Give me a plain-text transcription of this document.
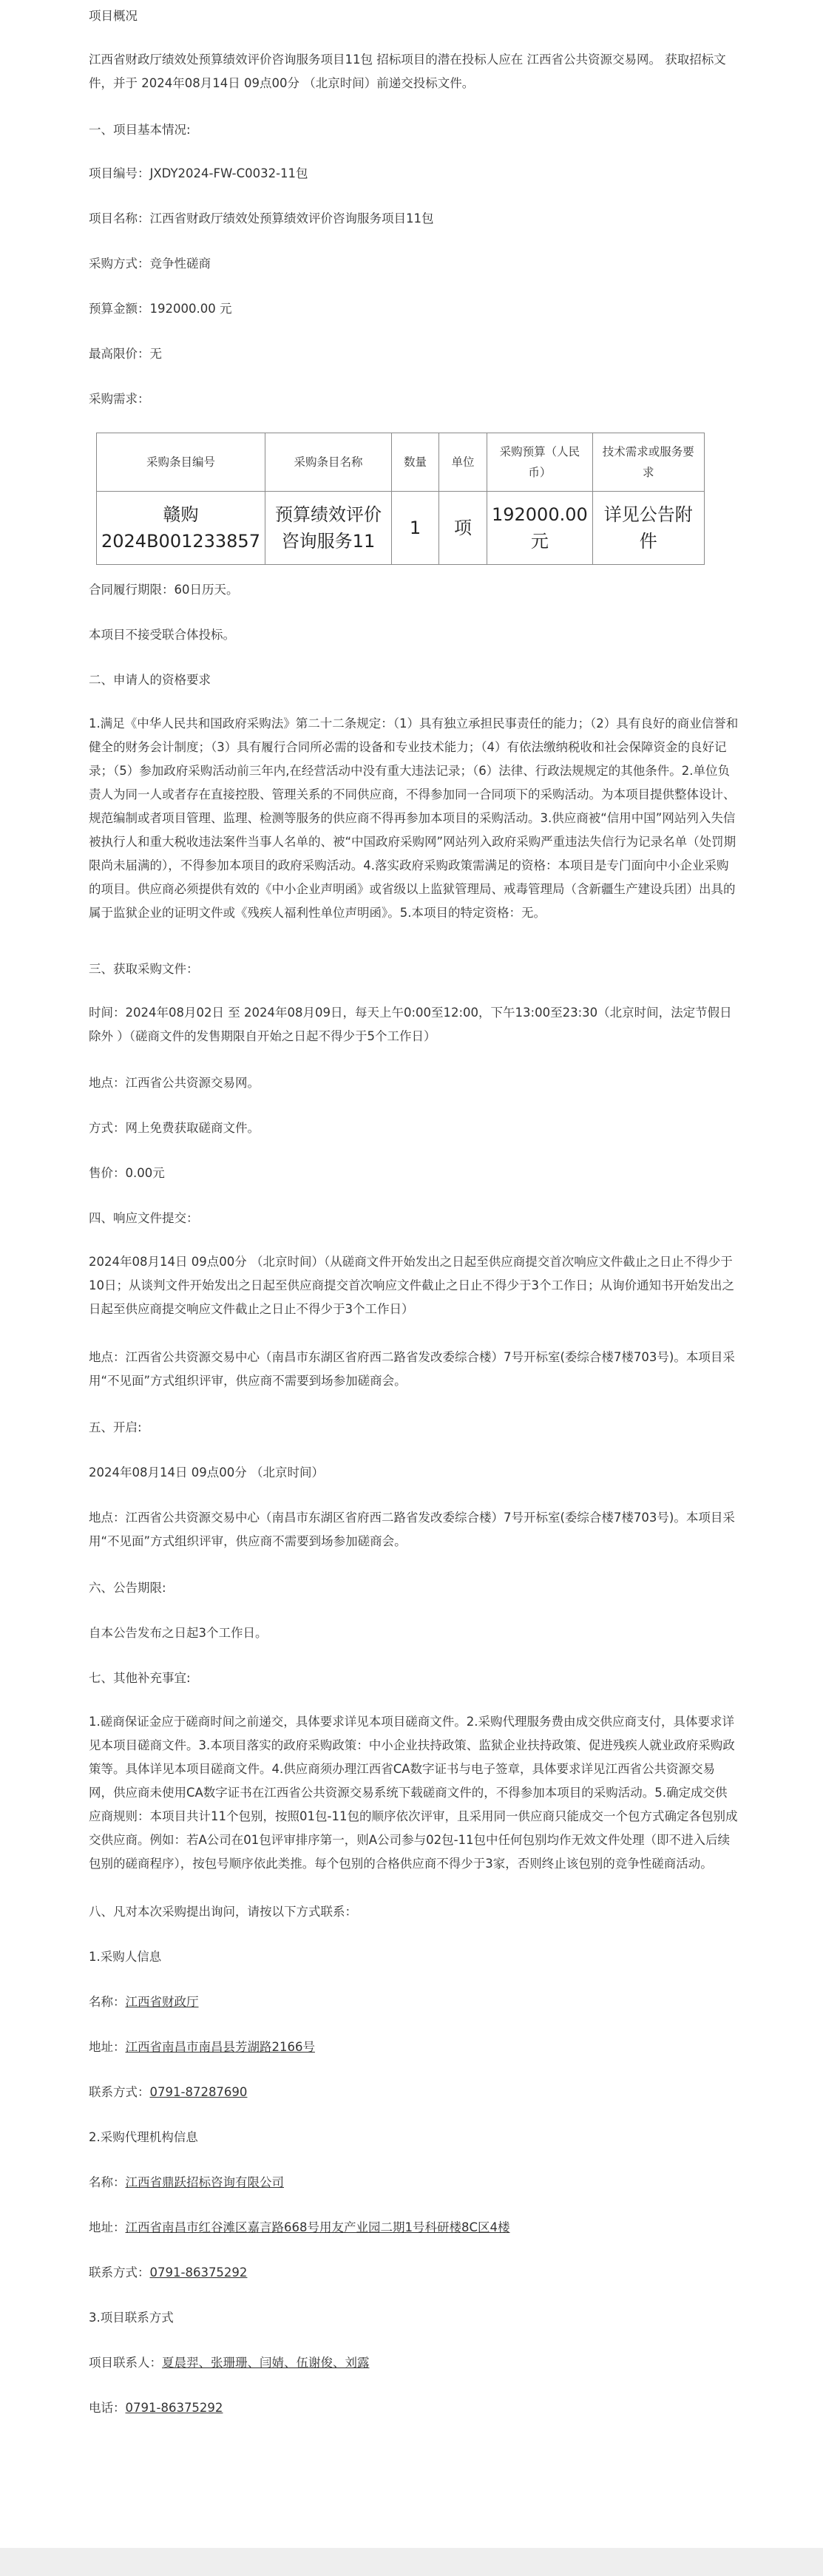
项目概况
江西省财政厅绩效处预算绩效评价咨询服务项目11包 招标项目的潜在投标人应在 江西省公共资源交易网。 获取招标文件，并于 2024年08月14日 09点00分 （北京时间）前递交投标文件。
一、项目基本情况:
项目编号：JXDY2024-FW-C0032-11包
项目名称：江西省财政厅绩效处预算绩效评价咨询服务项目11包
采购方式：竞争性磋商
预算金额：192000.00 元
最高限价：无
采购需求：
采购条目编号	采购条目名称	数量	单位	采购预算（人民币）	技术需求或服务要求
赣购2024B001233857	预算绩效评价咨询服务11	1	项	192000.00元	详见公告附件
合同履行期限：60日历天。
本项目不接受联合体投标。
二、申请人的资格要求
1.满足《中华人民共和国政府采购法》第二十二条规定：（1）具有独立承担民事责任的能力；（2）具有良好的商业信誉和健全的财务会计制度；（3）具有履行合同所必需的设备和专业技术能力；（4）有依法缴纳税收和社会保障资金的良好记录；（5）参加政府采购活动前三年内,在经营活动中没有重大违法记录；（6）法律、行政法规规定的其他条件。2.单位负责人为同一人或者存在直接控股、管理关系的不同供应商，不得参加同一合同项下的采购活动。为本项目提供整体设计、规范编制或者项目管理、监理、检测等服务的供应商不得再参加本项目的采购活动。3.供应商被“信用中国”网站列入失信被执行人和重大税收违法案件当事人名单的、被“中国政府采购网”网站列入政府采购严重违法失信行为记录名单（处罚期限尚未届满的），不得参加本项目的政府采购活动。4.落实政府采购政策需满足的资格：本项目是专门面向中小企业采购的项目。供应商必须提供有效的《中小企业声明函》或省级以上监狱管理局、戒毒管理局（含新疆生产建设兵团）出具的属于监狱企业的证明文件或《残疾人福利性单位声明函》。5.本项目的特定资格：无。
三、获取采购文件：
时间：2024年08月02日 至 2024年08月09日，每天上午0:00至12:00，下午13:00至23:30（北京时间，法定节假日除外 ）（磋商文件的发售期限自开始之日起不得少于5个工作日）
地点：江西省公共资源交易网。
方式：网上免费获取磋商文件。
售价：0.00元
四、响应文件提交：
2024年08月14日 09点00分 （北京时间）（从磋商文件开始发出之日起至供应商提交首次响应文件截止之日止不得少于10日；从谈判文件开始发出之日起至供应商提交首次响应文件截止之日止不得少于3个工作日；从询价通知书开始发出之日起至供应商提交响应文件截止之日止不得少于3个工作日）
地点：江西省公共资源交易中心（南昌市东湖区省府西二路省发改委综合楼）7号开标室(委综合楼7楼703号)。本项目采用“不见面”方式组织评审，供应商不需要到场参加磋商会。
五、开启:
2024年08月14日 09点00分 （北京时间）
地点：江西省公共资源交易中心（南昌市东湖区省府西二路省发改委综合楼）7号开标室(委综合楼7楼703号)。本项目采用“不见面”方式组织评审，供应商不需要到场参加磋商会。
六、公告期限:
自本公告发布之日起3个工作日。
七、其他补充事宜:
1.磋商保证金应于磋商时间之前递交，具体要求详见本项目磋商文件。2.采购代理服务费由成交供应商支付，具体要求详见本项目磋商文件。3.本项目落实的政府采购政策：中小企业扶持政策、监狱企业扶持政策、促进残疾人就业政府采购政策等。具体详见本项目磋商文件。4.供应商须办理江西省CA数字证书与电子签章，具体要求详见江西省公共资源交易网，供应商未使用CA数字证书在江西省公共资源交易系统下载磋商文件的，不得参加本项目的采购活动。5.确定成交供应商规则：本项目共计11个包别，按照01包-11包的顺序依次评审，且采用同一供应商只能成交一个包方式确定各包别成交供应商。例如：若A公司在01包评审排序第一，则A公司参与02包-11包中任何包别均作无效文件处理（即不进入后续包别的磋商程序），按包号顺序依此类推。每个包别的合格供应商不得少于3家，否则终止该包别的竞争性磋商活动。
八、凡对本次采购提出询问，请按以下方式联系：
1.采购人信息
名称：江西省财政厅
地址：江西省南昌市南昌县芳湖路2166号
联系方式：0791-87287690
2.采购代理机构信息
名称：江西省鼎跃招标咨询有限公司
地址：江西省南昌市红谷滩区嘉言路668号用友产业园二期1号科研楼8C区4楼
联系方式：0791-86375292
3.项目联系方式
项目联系人：夏晨羿、张珊珊、闫婧、伍谢俊、刘露
电话：0791-86375292
